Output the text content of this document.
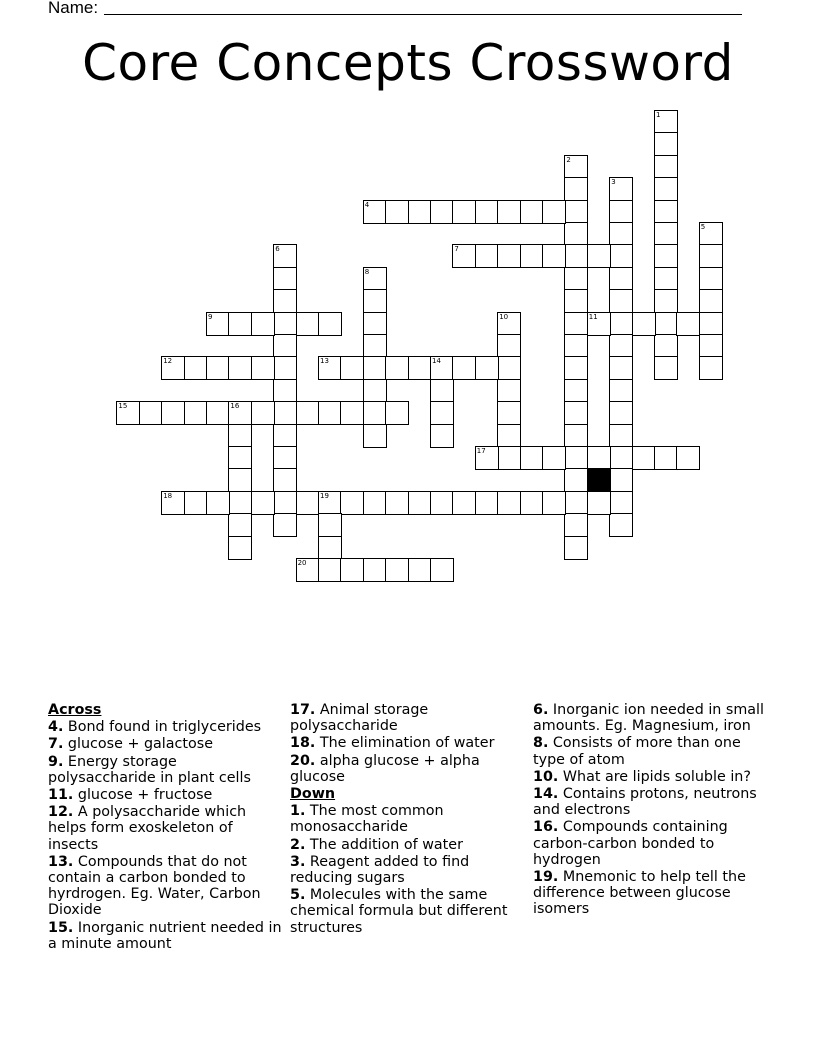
Name:
Core Concepts Crossword
1
2
3
4
5
6	7
8
9	10	11
12	13	14
15	16
17
18	19
20
Across
4. Bond found in triglycerides
7. glucose + galactose
9. Energy storage polysaccharide in plant cells
11. glucose + fructose
12. A polysaccharide which helps form exoskeleton of insects
13. Compounds that do not contain a carbon bonded to hyrdrogen. Eg. Water, Carbon Dioxide
15. Inorganic nutrient needed in a minute amount
17. Animal storage polysaccharide
18. The elimination of water
20. alpha glucose + alpha glucose
Down
1. The most common monosaccharide
2. The addition of water
3. Reagent added to find reducing sugars
5. Molecules with the same chemical formula but different structures
6. Inorganic ion needed in small amounts. Eg. Magnesium, iron
8. Consists of more than one type of atom
10. What are lipids soluble in?
14. Contains protons, neutrons and electrons
16. Compounds containing carbon-carbon bonded to hydrogen
19. Mnemonic to help tell the difference between glucose isomers
